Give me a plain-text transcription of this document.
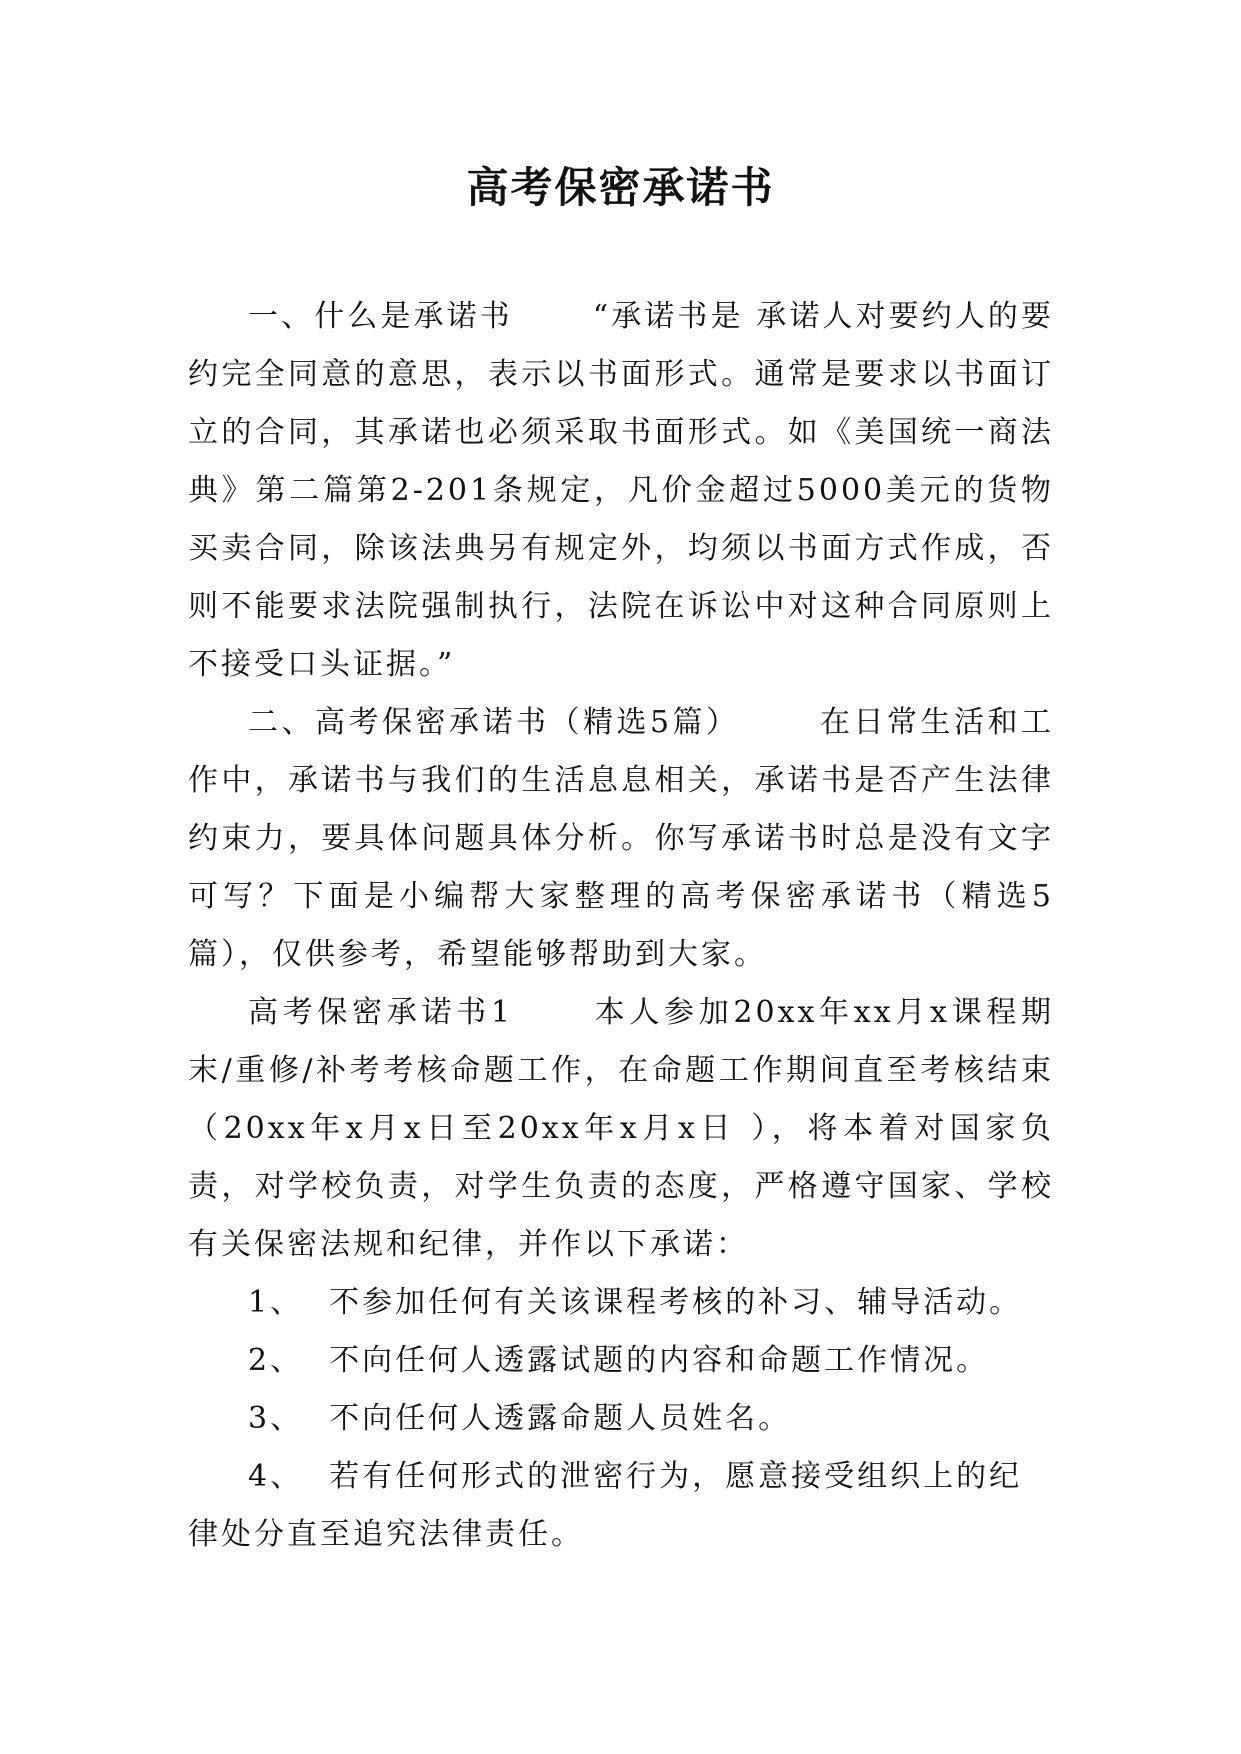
高考保密承诺书

一、什么是承诺书	“承诺书是 承诺人对要约人的要约完全同意的意思，表示以书面形式。通常是要求以书面订立的合同，其承诺也必须采取书面形式。如《美国统一商法典》第二篇第2-201条规定，凡价金超过5000美元的货物买卖合同，除该法典另有规定外，均须以书面方式作成，否则不能要求法院强制执行，法院在诉讼中对这种合同原则上不接受口头证据。”

二、高考保密承诺书（精选5篇）	在日常生活和工作中，承诺书与我们的生活息息相关，承诺书是否产生法律约束力，要具体问题具体分析。你写承诺书时总是没有文字可写？下面是小编帮大家整理的高考保密承诺书（精选5篇），仅供参考，希望能够帮助到大家。

高考保密承诺书1	本人参加20xx年xx月x课程期末/重修/补考考核命题工作，在命题工作期间直至考核结束（20xx年x月x日至20xx年x月x日 ），将本着对国家负责，对学校负责，对学生负责的态度，严格遵守国家、学校有关保密法规和纪律，并作以下承诺：

1、 不参加任何有关该课程考核的补习、辅导活动。

2、 不向任何人透露试题的内容和命题工作情况。

3、 不向任何人透露命题人员姓名。

4、 若有任何形式的泄密行为，愿意接受组织上的纪律处分直至追究法律责任。
